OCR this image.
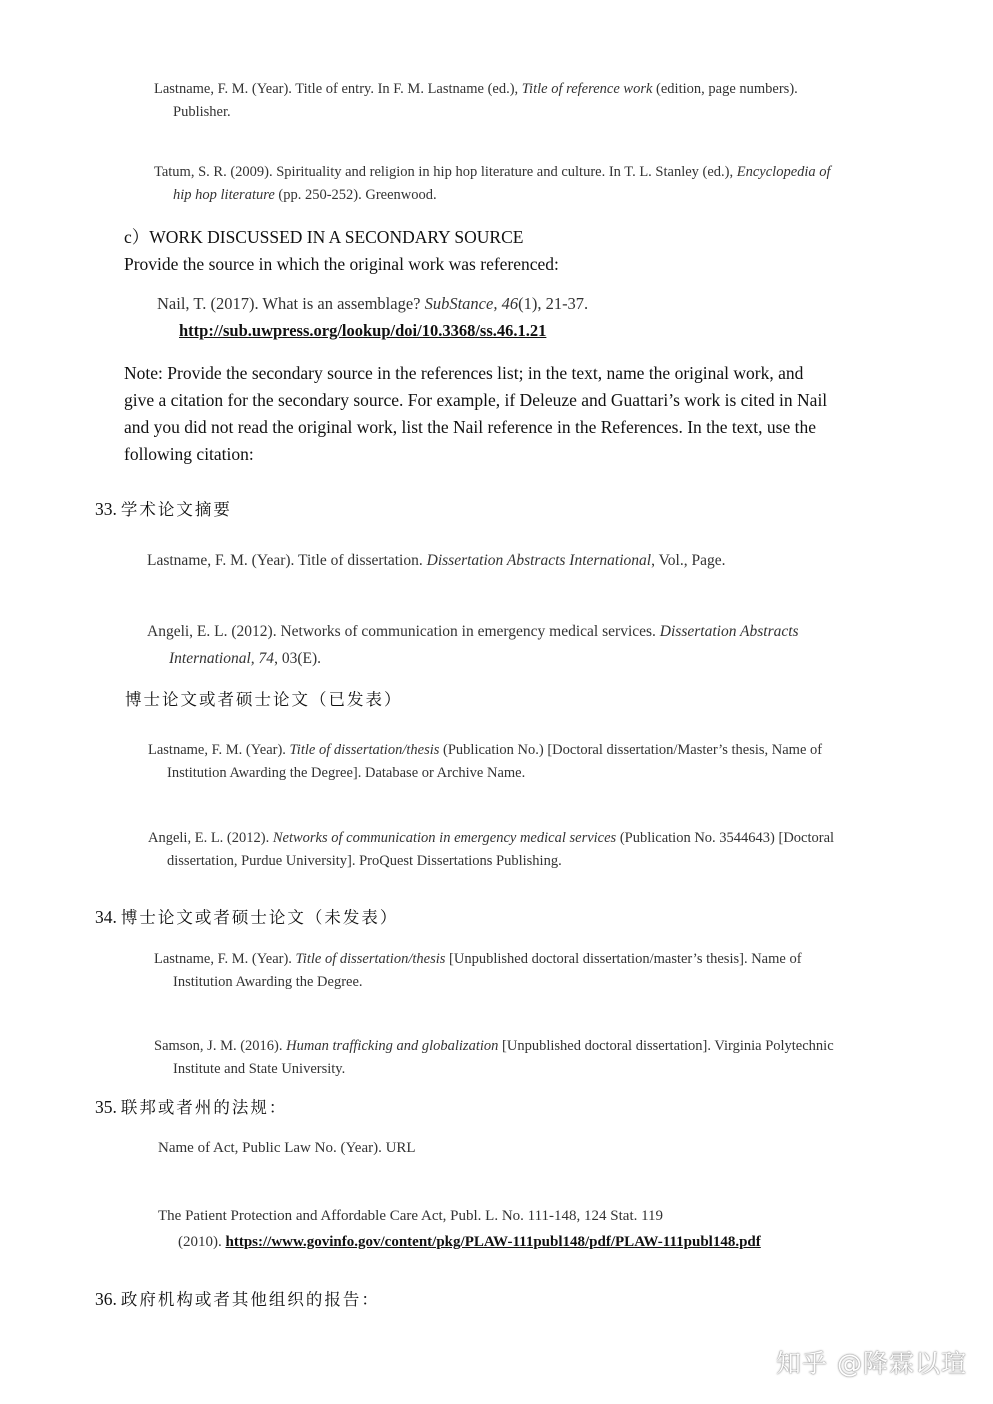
Lastname, F. M. (Year). Title of entry. In F. M. Lastname (ed.), Title of reference work (edition, page numbers).
Publisher.
Tatum, S. R. (2009). Spirituality and religion in hip hop literature and culture. In T. L. Stanley (ed.), Encyclopedia of
hip hop literature (pp. 250-252). Greenwood.
c）WORK DISCUSSED IN A SECONDARY SOURCE
Provide the source in which the original work was referenced:
Nail, T. (2017). What is an assemblage? SubStance, 46(1), 21-37.
http://sub.uwpress.org/lookup/doi/10.3368/ss.46.1.21
Note: Provide the secondary source in the references list; in the text, name the original work, and
give a citation for the secondary source. For example, if Deleuze and Guattari’s work is cited in Nail
and you did not read the original work, list the Nail reference in the References. In the text, use the
following citation:
33. 学术论文摘要
Lastname, F. M. (Year). Title of dissertation. Dissertation Abstracts International, Vol., Page.
Angeli, E. L. (2012). Networks of communication in emergency medical services. Dissertation Abstracts
International, 74, 03(E).
博士论文或者硕士论文（已发表）
Lastname, F. M. (Year). Title of dissertation/thesis (Publication No.) [Doctoral dissertation/Master’s thesis, Name of
Institution Awarding the Degree]. Database or Archive Name.
Angeli, E. L. (2012). Networks of communication in emergency medical services (Publication No. 3544643) [Doctoral
dissertation, Purdue University]. ProQuest Dissertations Publishing.
34. 博士论文或者硕士论文（未发表）
Lastname, F. M. (Year). Title of dissertation/thesis [Unpublished doctoral dissertation/master’s thesis]. Name of
Institution Awarding the Degree.
Samson, J. M. (2016). Human trafficking and globalization [Unpublished doctoral dissertation]. Virginia Polytechnic
Institute and State University.
35. 联邦或者州的法规：
Name of Act, Public Law No. (Year). URL
The Patient Protection and Affordable Care Act, Publ. L. No. 111-148, 124 Stat. 119
(2010). https://www.govinfo.gov/content/pkg/PLAW-111publ148/pdf/PLAW-111publ148.pdf
36. 政府机构或者其他组织的报告：
知乎 @降霖以瑄
